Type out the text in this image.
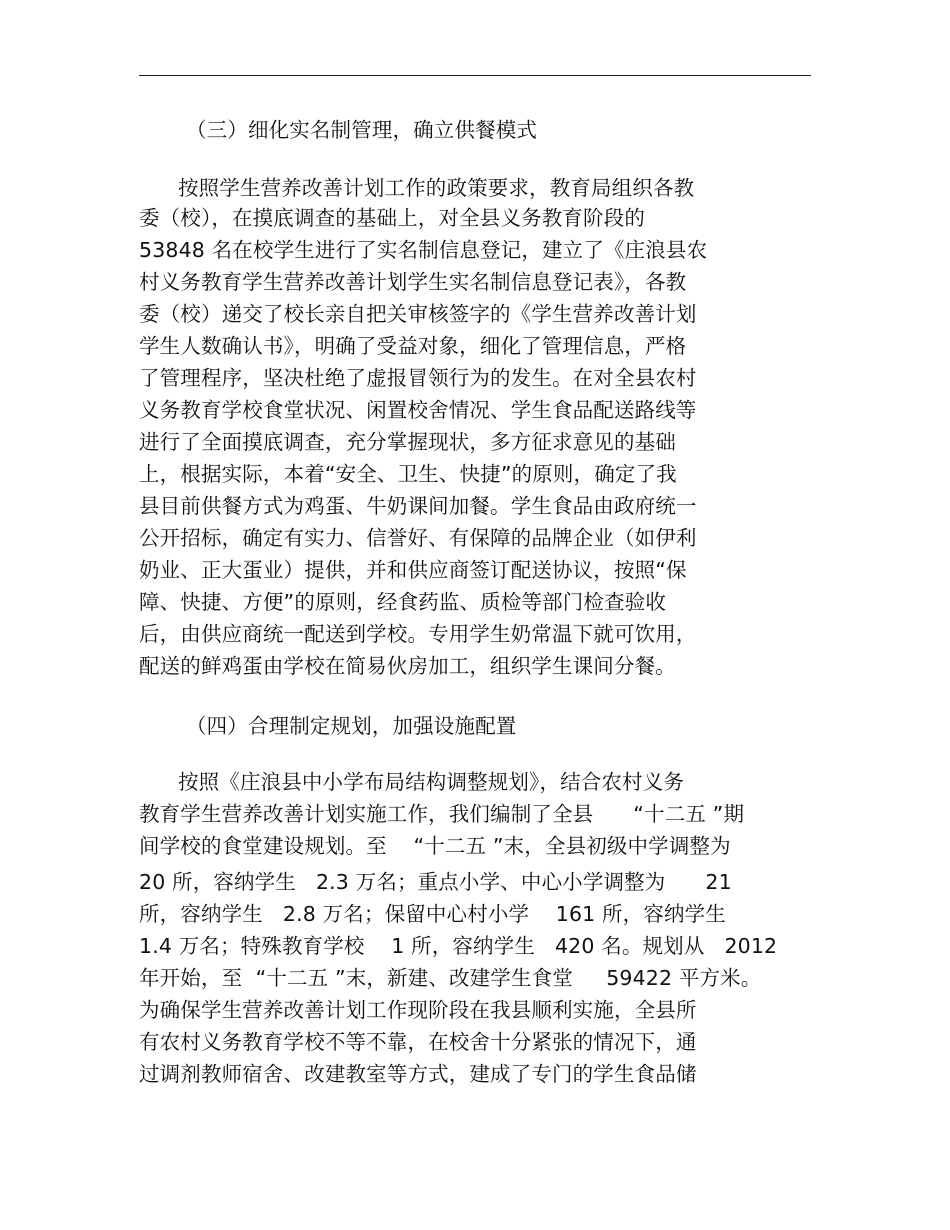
（三）细化实名制管理，确立供餐模式
按照学生营养改善计划工作的政策要求，教育局组织各教
委（校），在摸底调查的基础上，对全县义务教育阶段的
53848 名在校学生进行了实名制信息登记，建立了《庄浪县农
村义务教育学生营养改善计划学生实名制信息登记表》，各教
委（校）递交了校长亲自把关审核签字的《学生营养改善计划
学生人数确认书》，明确了受益对象，细化了管理信息，严格
了管理程序，坚决杜绝了虚报冒领行为的发生。在对全县农村
义务教育学校食堂状况、闲置校舍情况、学生食品配送路线等
进行了全面摸底调查，充分掌握现状，多方征求意见的基础
上，根据实际，本着“安全、卫生、快捷”的原则，确定了我
县目前供餐方式为鸡蛋、牛奶课间加餐。学生食品由政府统一
公开招标，确定有实力、信誉好、有保障的品牌企业（如伊利
奶业、正大蛋业）提供，并和供应商签订配送协议，按照“保
障、快捷、方便”的原则，经食药监、质检等部门检查验收
后，由供应商统一配送到学校。专用学生奶常温下就可饮用，
配送的鲜鸡蛋由学校在简易伙房加工，组织学生课间分餐。
（四）合理制定规划，加强设施配置
按照《庄浪县中小学布局结构调整规划》，结合农村义务
教育学生营养改善计划实施工作，我们编制了全县      “十二五 ”期
间学校的食堂建设规划。至    “十二五 ”末，全县初级中学调整为
20 所，容纳学生   2.3 万名；重点小学、中心小学调整为      21
所，容纳学生   2.8 万名；保留中心村小学    161 所，容纳学生
1.4 万名；特殊教育学校    1 所，容纳学生   420 名。规划从   2012
年开始，至  “十二五 ”末，新建、改建学生食堂     59422 平方米。
为确保学生营养改善计划工作现阶段在我县顺利实施，全县所
有农村义务教育学校不等不靠，在校舍十分紧张的情况下，通
过调剂教师宿舍、改建教室等方式，建成了专门的学生食品储
